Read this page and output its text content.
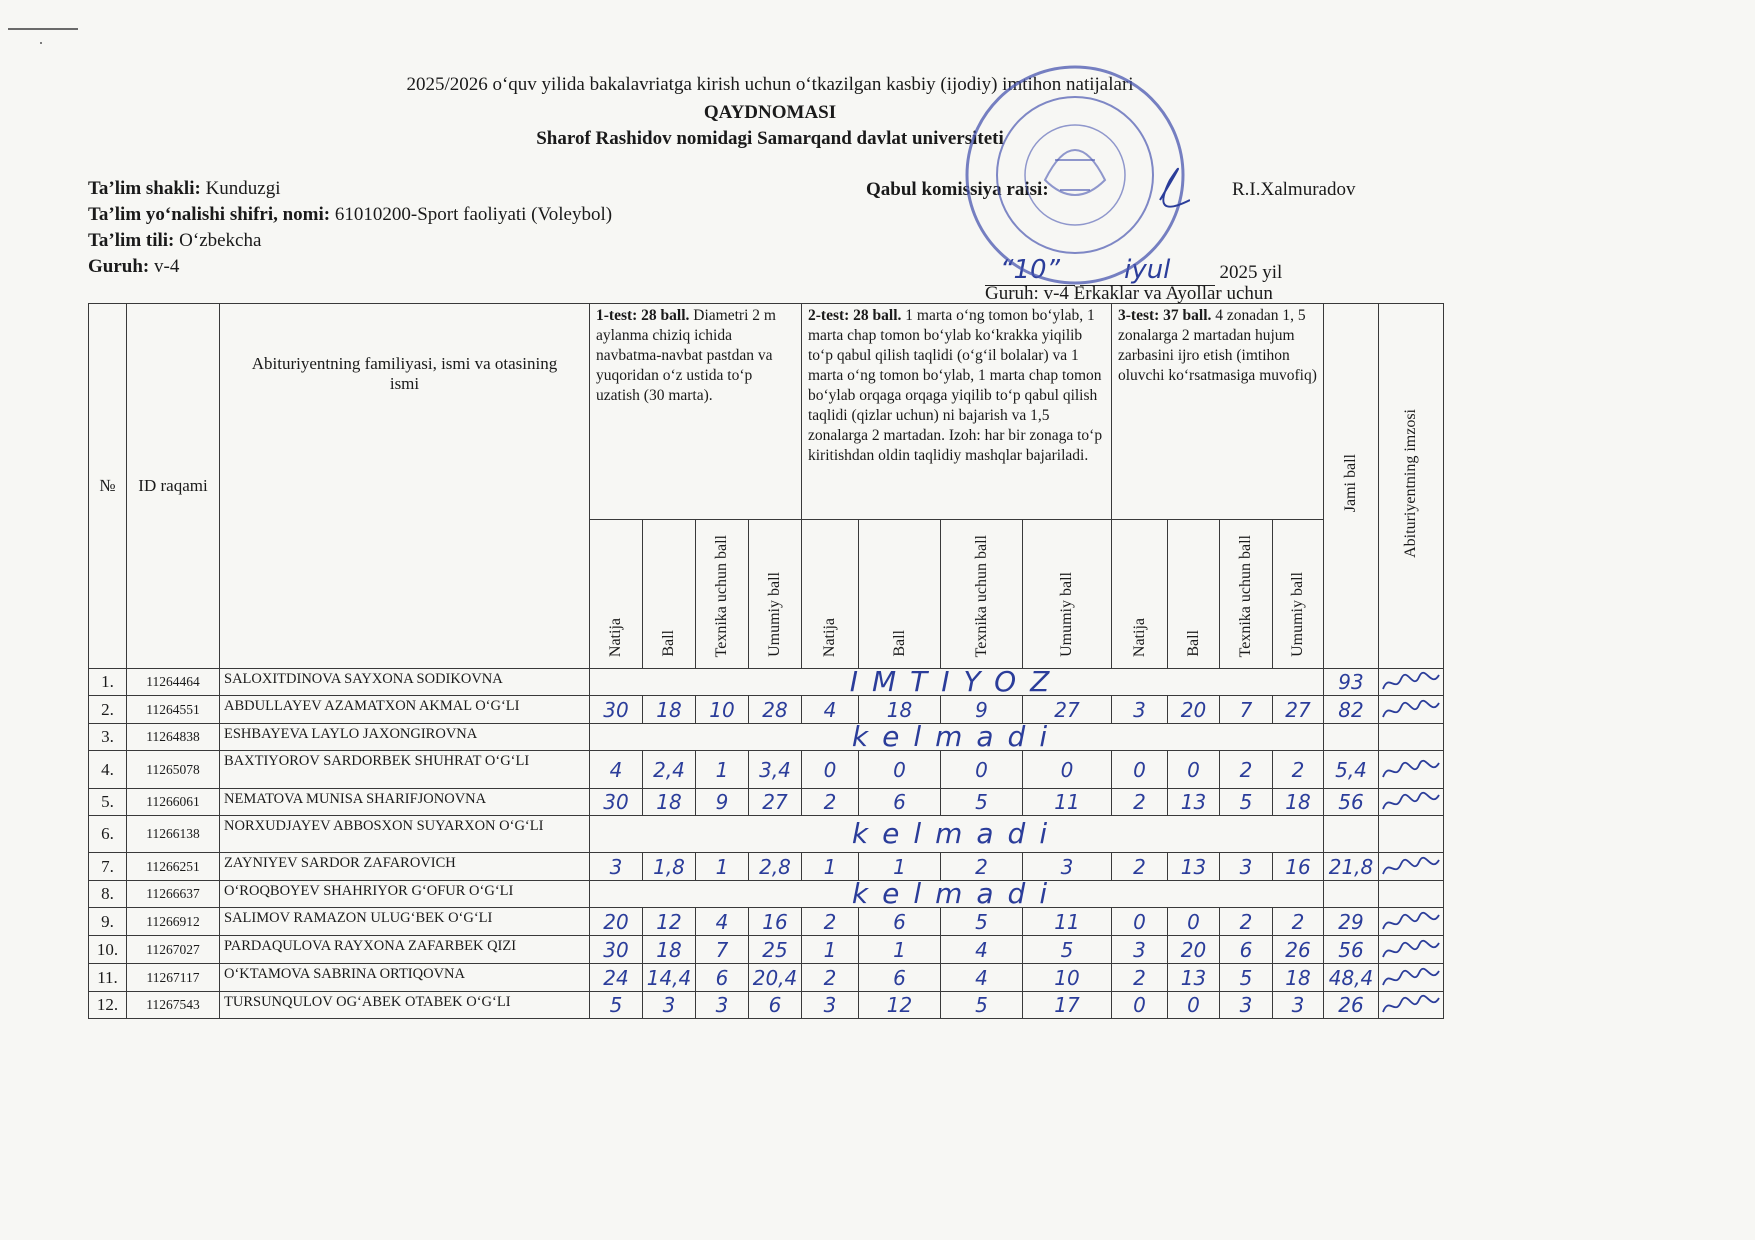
2025/2026 o‘quv yilida bakalavriatga kirish uchun o‘tkazilgan kasbiy (ijodiy) imtihon natijalari
QAYDNOMASI
Sharof Rashidov nomidagi Samarqand davlat universiteti
Ta’lim shakli: Kunduzgi
Ta’lim yo‘nalishi shifri, nomi: 61010200-Sport faoliyati (Voleybol)
Ta’lim tili: O‘zbekcha
Guruh: v-4
Qabul komissiya raisi:	R.I.Xalmuradov
“10” iyul	2025 yil
Guruh: v-4 Erkaklar va Ayollar uchun
№	ID raqami	Abituriyentning familiyasi, ismi va otasining ismi	1-test: 28 ball. Diametri 2 m aylanma chiziq ichida navbatma-navbat pastdan va yuqoridan o‘z ustida to‘p uzatish (30 marta).				2-test: 28 ball. 1 marta o‘ng tomon bo‘ylab, 1 marta chap tomon bo‘ylab ko‘krakka yiqilib to‘p qabul qilish taqlidi (o‘g‘il bolalar) va 1 marta o‘ng tomon bo‘ylab, 1 marta chap tomon bo‘ylab orqaga orqaga yiqilib to‘p qabul qilish taqlidi (qizlar uchun) ni bajarish va 1,5 zonalarga 2 martadan. Izoh: har bir zonaga to‘p kiritishdan oldin taqlidiy mashqlar bajariladi.				3-test: 37 ball. 4 zonadan 1, 5 zonalarga 2 martadan hujum zarbasini ijro etish (imtihon oluvchi ko‘rsatmasiga muvofiq)				Jami ball	Abituriyentning imzosi
			Natija	Ball	Texnika uchun ball	Umumiy ball	Natija	Ball	Texnika uchun ball	Umumiy ball	Natija	Ball	Texnika uchun ball	Umumiy ball		
1.	11264464	SALOXITDINOVA SAYXONA SODIKOVNA	IMTIYOZ												93	

2.	11264551	ABDULLAYEV AZAMATXON AKMAL O‘G‘LI	30	18	10	28	4	18	9	27	3	20	7	27	82	

3.	11264838	ESHBAYEVA LAYLO JAXONGIROVNA	kelmadi													
4.	11265078	BAXTIYOROV SARDORBEK SHUHRAT O‘G‘LI	4	2,4	1	3,4	0	0	0	0	0	0	2	2	5,4	

5.	11266061	NEMATOVA MUNISA SHARIFJONOVNA	30	18	9	27	2	6	5	11	2	13	5	18	56	

6.	11266138	NORXUDJAYEV ABBOSXON SUYARXON O‘G‘LI	kelmadi													
7.	11266251	ZAYNIYEV SARDOR ZAFAROVICH	3	1,8	1	2,8	1	1	2	3	2	13	3	16	21,8	

8.	11266637	O‘ROQBOYEV SHAHRIYOR G‘OFUR O‘G‘LI	kelmadi													
9.	11266912	SALIMOV RAMAZON ULUG‘BEK O‘G‘LI	20	12	4	16	2	6	5	11	0	0	2	2	29	

10.	11267027	PARDAQULOVA RAYXONA ZAFARBEK QIZI	30	18	7	25	1	1	4	5	3	20	6	26	56	

11.	11267117	O‘KTAMOVA SABRINA ORTIQOVNA	24	14,4	6	20,4	2	6	4	10	2	13	5	18	48,4	

12.	11267543	TURSUNQULOV OG‘ABEK OTABEK O‘G‘LI	5	3	3	6	3	12	5	17	0	0	3	3	26	
